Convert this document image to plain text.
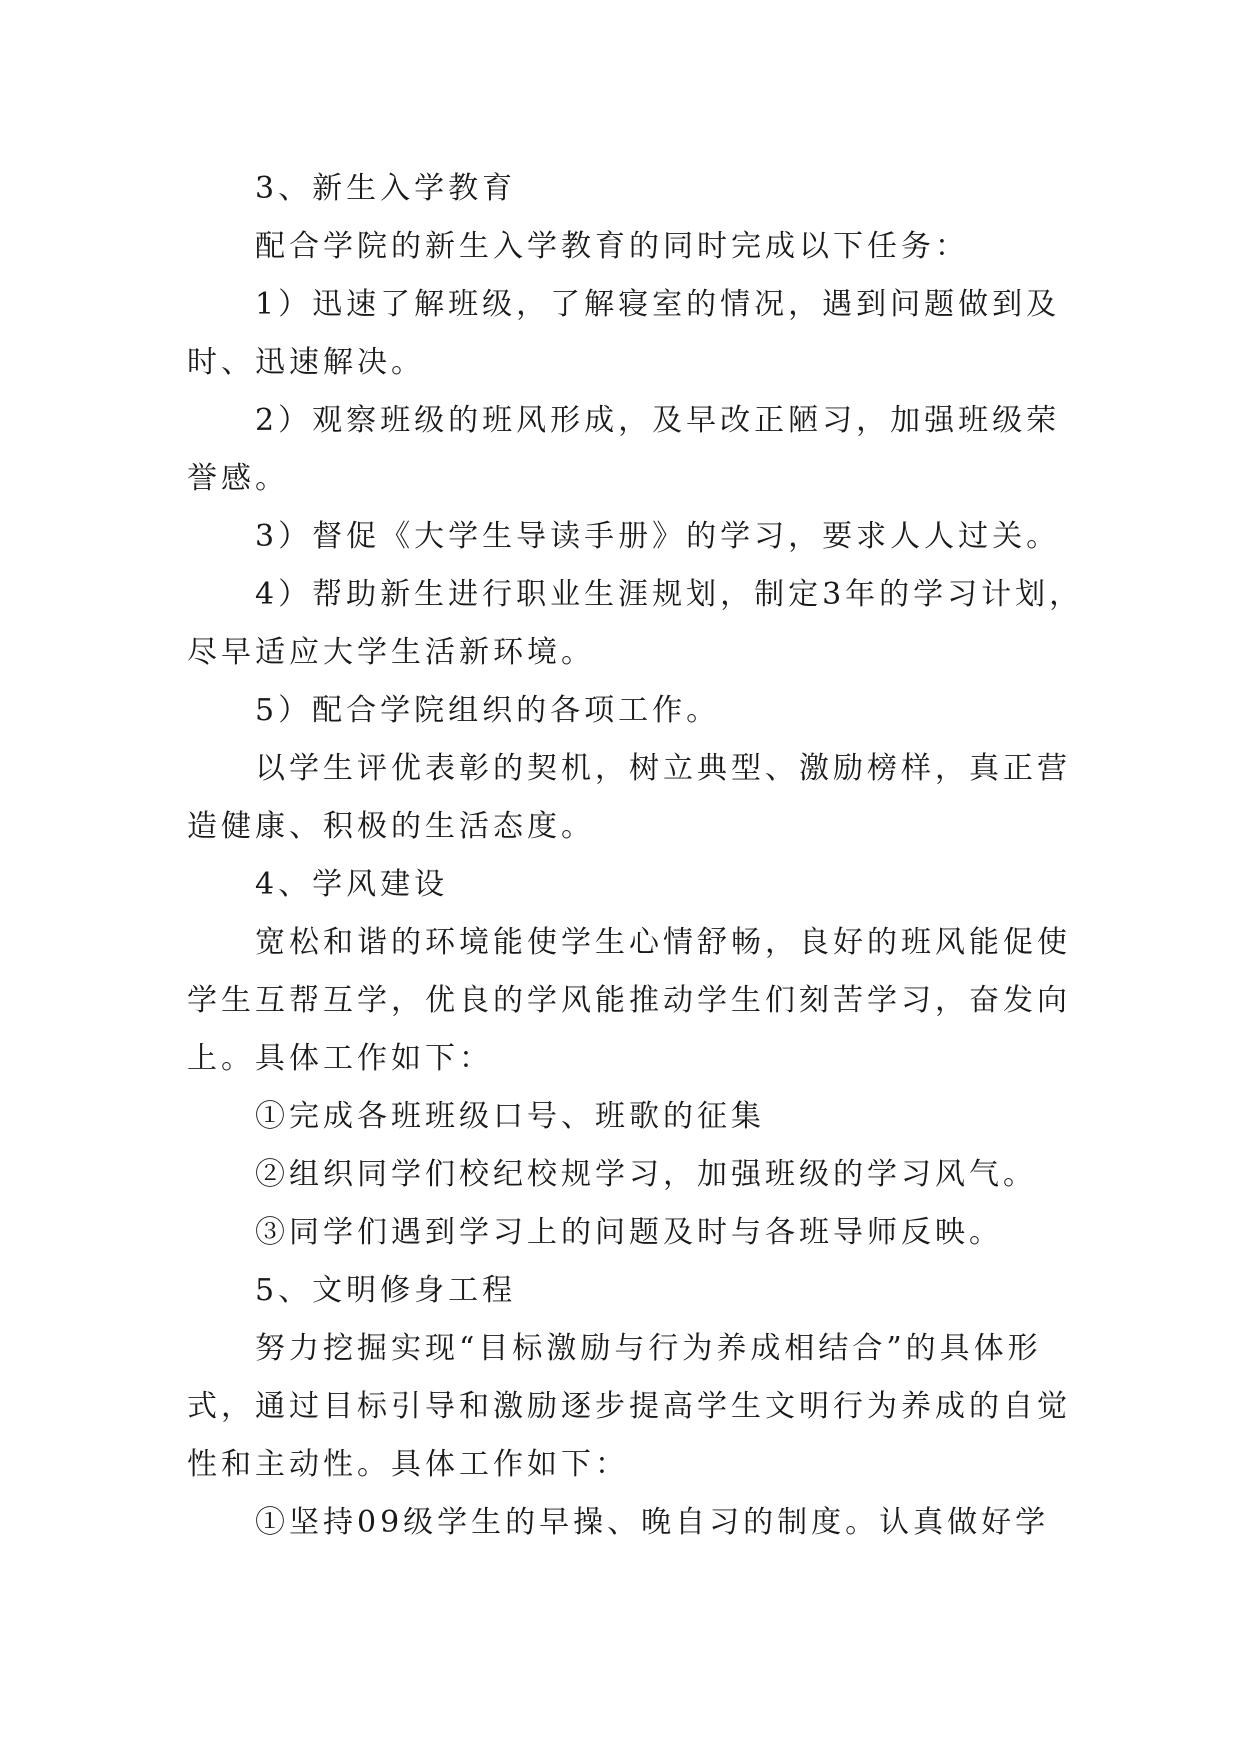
3、新生入学教育
配合学院的新生入学教育的同时完成以下任务：
1）迅速了解班级，了解寝室的情况，遇到问题做到及
时、迅速解决。
2）观察班级的班风形成，及早改正陋习，加强班级荣
誉感。
3）督促《大学生导读手册》的学习，要求人人过关。
4）帮助新生进行职业生涯规划，制定3年的学习计划，
尽早适应大学生活新环境。
5）配合学院组织的各项工作。
以学生评优表彰的契机，树立典型、激励榜样，真正营
造健康、积极的生活态度。
4、学风建设
宽松和谐的环境能使学生心情舒畅，良好的班风能促使
学生互帮互学，优良的学风能推动学生们刻苦学习，奋发向
上。具体工作如下：
①完成各班班级口号、班歌的征集
②组织同学们校纪校规学习，加强班级的学习风气。
③同学们遇到学习上的问题及时与各班导师反映。
5、文明修身工程
努力挖掘实现“目标激励与行为养成相结合”的具体形
式，通过目标引导和激励逐步提高学生文明行为养成的自觉
性和主动性。具体工作如下：
①坚持09级学生的早操、晚自习的制度。认真做好学
